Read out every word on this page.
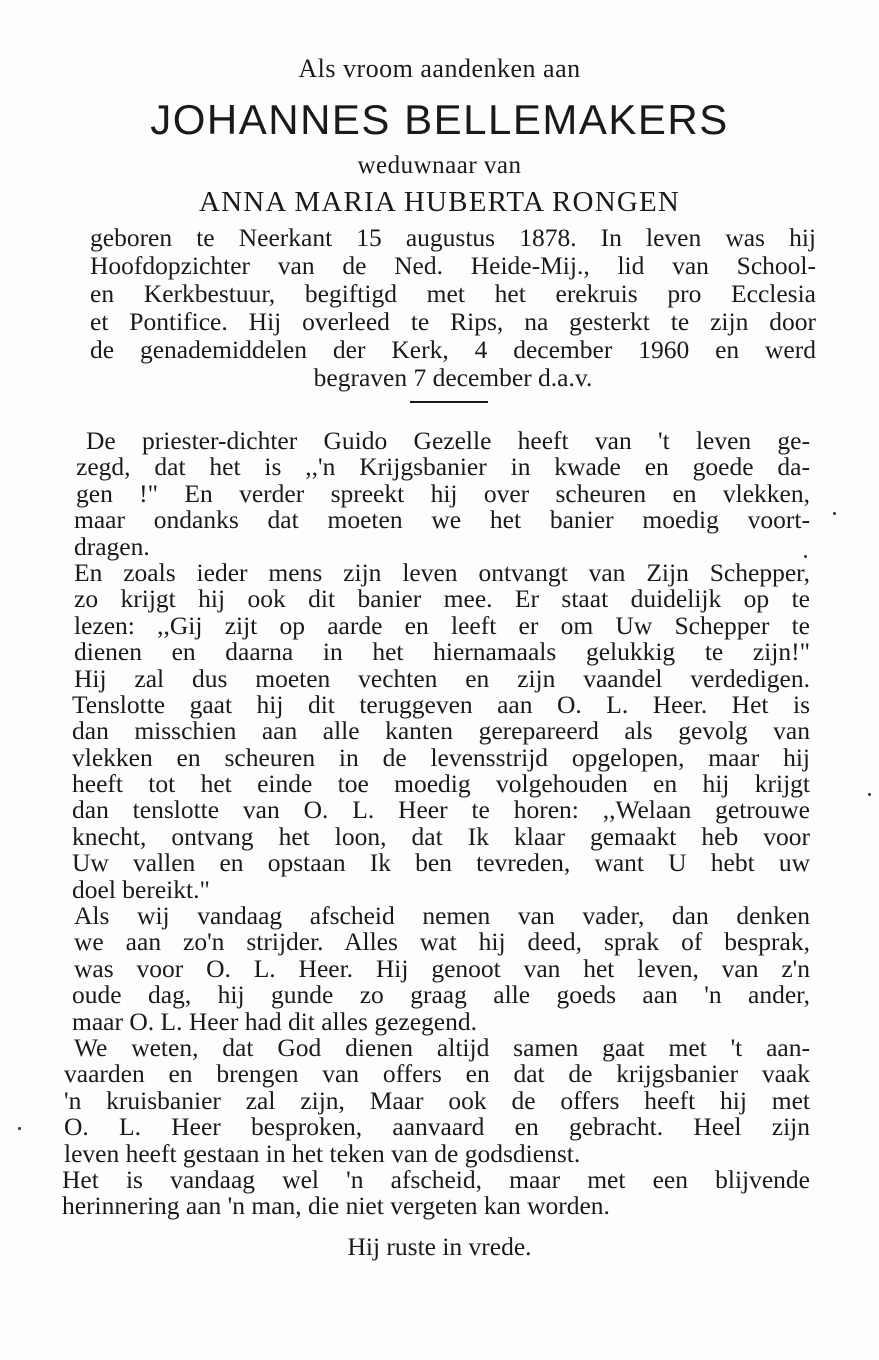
Als vroom aandenken aan
JOHANNES BELLEMAKERS
weduwnaar van
ANNA MARIA HUBERTA RONGEN
geboren te Neerkant 15 augustus 1878. In leven was hij
Hoofdopzichter van de Ned. Heide-Mij., lid van School-
en Kerkbestuur, begiftigd met het erekruis pro Ecclesia
et Pontifice. Hij overleed te Rips, na gesterkt te zijn door
de genademiddelen der Kerk, 4 december 1960 en werd
begraven 7 december d.a.v.
De priester-dichter Guido Gezelle heeft van 't leven ge-
zegd, dat het is ,,'n Krijgsbanier in kwade en goede da-
gen !" En verder spreekt hij over scheuren en vlekken,
maar ondanks dat moeten we het banier moedig voort-
dragen.
En zoals ieder mens zijn leven ontvangt van Zijn Schepper,
zo krijgt hij ook dit banier mee. Er staat duidelijk op te
lezen: ,,Gij zijt op aarde en leeft er om Uw Schepper te
dienen en daarna in het hiernamaals gelukkig te zijn!"
Hij zal dus moeten vechten en zijn vaandel verdedigen.
Tenslotte gaat hij dit teruggeven aan O. L. Heer. Het is
dan misschien aan alle kanten gerepareerd als gevolg van
vlekken en scheuren in de levensstrijd opgelopen, maar hij
heeft tot het einde toe moedig volgehouden en hij krijgt
dan tenslotte van O. L. Heer te horen: ,,Welaan getrouwe
knecht, ontvang het loon, dat Ik klaar gemaakt heb voor
Uw vallen en opstaan Ik ben tevreden, want U hebt uw
doel bereikt."
Als wij vandaag afscheid nemen van vader, dan denken
we aan zo'n strijder. Alles wat hij deed, sprak of besprak,
was voor O. L. Heer. Hij genoot van het leven, van z'n
oude dag, hij gunde zo graag alle goeds aan 'n ander,
maar O. L. Heer had dit alles gezegend.
We weten, dat God dienen altijd samen gaat met 't aan-
vaarden en brengen van offers en dat de krijgsbanier vaak
'n kruisbanier zal zijn, Maar ook de offers heeft hij met
O. L. Heer besproken, aanvaard en gebracht. Heel zijn
leven heeft gestaan in het teken van de godsdienst.
Het is vandaag wel 'n afscheid, maar met een blijvende
herinnering aan 'n man, die niet vergeten kan worden.
Hij ruste in vrede.
